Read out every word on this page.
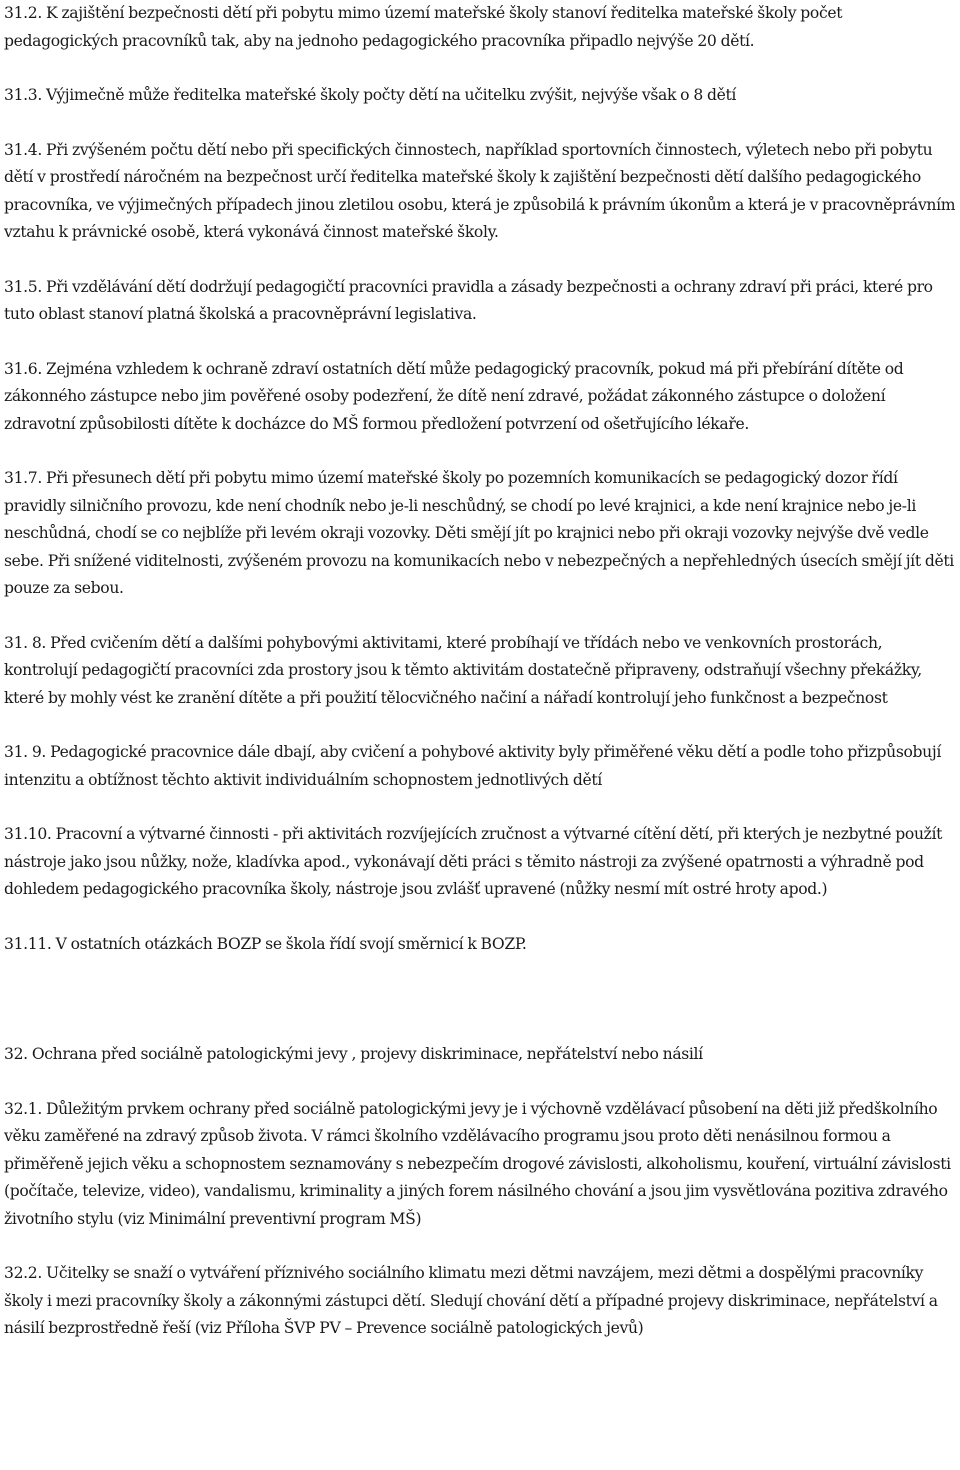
31.2. K zajištění bezpečnosti dětí při pobytu mimo území mateřské školy stanoví ředitelka mateřské školy počet pedagogických pracovníků tak, aby na jednoho pedagogického pracovníka připadlo nejvýše 20 dětí.

31.3. Výjimečně může ředitelka mateřské školy počty dětí na učitelku zvýšit, nejvýše však o 8 dětí

31.4. Při zvýšeném počtu dětí nebo při specifických činnostech, například sportovních činnostech, výletech nebo při pobytu dětí v prostředí náročném na bezpečnost určí ředitelka mateřské školy k zajištění bezpečnosti dětí dalšího pedagogického pracovníka, ve výjimečných případech jinou zletilou osobu, která je způsobilá k právním úkonům a která je v pracovněprávním vztahu k právnické osobě, která vykonává činnost mateřské školy.

31.5. Při vzdělávání dětí dodržují pedagogičtí pracovníci pravidla a zásady bezpečnosti a ochrany zdraví při práci, které pro tuto oblast stanoví platná školská a pracovněprávní legislativa.

31.6. Zejména vzhledem k ochraně zdraví ostatních dětí může pedagogický pracovník, pokud má při přebírání dítěte od zákonného zástupce nebo jim pověřené osoby podezření, že dítě není zdravé, požádat zákonného zástupce o doložení zdravotní způsobilosti dítěte k docházce do MŠ formou předložení potvrzení od ošetřujícího lékaře.

31.7. Při přesunech dětí při pobytu mimo území mateřské školy po pozemních komunikacích se pedagogický dozor řídí pravidly silničního provozu, kde není chodník nebo je-li neschůdný, se chodí po levé krajnici, a kde není krajnice nebo je-li neschůdná, chodí se co nejblíže při levém okraji vozovky. Děti smějí jít po krajnici nebo při okraji vozovky nejvýše dvě vedle sebe. Při snížené viditelnosti, zvýšeném provozu na komunikacích nebo v nebezpečných a nepřehledných úsecích smějí jít děti pouze za sebou.

31. 8. Před cvičením dětí a dalšími pohybovými aktivitami, které probíhají ve třídách nebo ve venkovních prostorách, kontrolují pedagogičtí pracovníci zda prostory jsou k těmto aktivitám dostatečně připraveny, odstraňují všechny překážky, které by mohly vést ke zranění dítěte a při použití tělocvičného načiní a nářadí kontrolují jeho funkčnost a bezpečnost

31. 9. Pedagogické pracovnice dále dbají, aby cvičení a pohybové aktivity byly přiměřené věku dětí a podle toho přizpůsobují intenzitu a obtížnost těchto aktivit individuálním schopnostem jednotlivých dětí

31.10. Pracovní a výtvarné činnosti - při aktivitách rozvíjejících zručnost a výtvarné cítění dětí, při kterých je nezbytné použít nástroje jako jsou nůžky, nože, kladívka apod., vykonávají děti práci s těmito nástroji za zvýšené opatrnosti a výhradně pod dohledem pedagogického pracovníka školy, nástroje jsou zvlášť upravené (nůžky nesmí mít ostré hroty apod.)

31.11. V ostatních otázkách BOZP se škola řídí svojí směrnicí k BOZP.

32. Ochrana před sociálně patologickými jevy , projevy diskriminace, nepřátelství nebo násilí

32.1. Důležitým prvkem ochrany před sociálně patologickými jevy je i výchovně vzdělávací působení na děti již předškolního věku zaměřené na zdravý způsob života. V rámci školního vzdělávacího programu jsou proto děti nenásilnou formou a přiměřeně jejich věku a schopnostem seznamovány s nebezpečím drogové závislosti, alkoholismu, kouření, virtuální závislosti (počítače, televize, video), vandalismu, kriminality a jiných forem násilného chování a jsou jim vysvětlována pozitiva zdravého životního stylu (viz Minimální preventivní program MŠ)

32.2. Učitelky se snaží o vytváření příznivého sociálního klimatu mezi dětmi navzájem, mezi dětmi a dospělými pracovníky školy i mezi pracovníky školy a zákonnými zástupci dětí. Sledují chování dětí a případné projevy diskriminace, nepřátelství a násilí bezprostředně řeší (viz Příloha ŠVP PV – Prevence sociálně patologických jevů)
